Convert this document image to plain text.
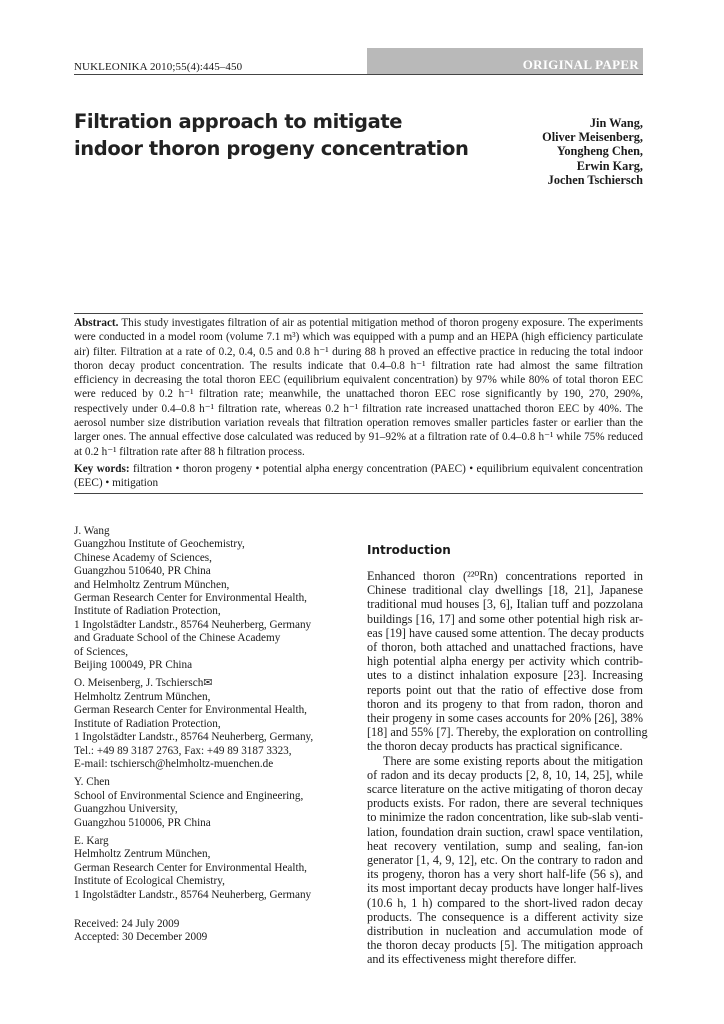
NUKLEONIKA 2010;55(4):445–450	ORIGINAL PAPER
Filtration approach to mitigate
indoor thoron progeny concentration
Jin Wang,
Oliver Meisenberg,
Yongheng Chen,
Erwin Karg,
Jochen Tschiersch
Abstract. This study investigates filtration of air as potential mitigation method of thoron progeny exposure. The experiments were conducted in a model room (volume 7.1 m³) which was equipped with a pump and an HEPA (high efficiency particulate air) filter. Filtration at a rate of 0.2, 0.4, 0.5 and 0.8 h⁻¹ during 88 h proved an effective practice in reducing the total indoor thoron decay product concentration. The results indicate that 0.4–0.8 h⁻¹ filtration rate had almost the same filtration efficiency in decreasing the total thoron EEC (equilibrium equivalent concentration) by 97% while 80% of total thoron EEC were reduced by 0.2 h⁻¹ filtration rate; meanwhile, the unattached thoron EEC rose significantly by 190, 270, 290%, respectively under 0.4–0.8 h⁻¹ filtration rate, whereas 0.2 h⁻¹ filtration rate increased unattached thoron EEC by 40%. The aerosol number size distribution variation reveals that filtration operation removes smaller particles faster or earlier than the larger ones. The annual effective dose calculated was reduced by 91–92% at a filtration rate of 0.4–0.8 h⁻¹ while 75% reduced at 0.2 h⁻¹ filtration rate after 88 h filtration process.
Key words: filtration • thoron progeny • potential alpha energy concentration (PAEC) • equilibrium equivalent concentration (EEC) • mitigation
J. Wang
Guangzhou Institute of Geochemistry,
Chinese Academy of Sciences,
Guangzhou 510640, PR China
and Helmholtz Zentrum München,
German Research Center for Environmental Health,
Institute of Radiation Protection,
1 Ingolstädter Landstr., 85764 Neuherberg, Germany
and Graduate School of the Chinese Academy
of Sciences,
Beijing 100049, PR China
O. Meisenberg, J. Tschiersch✉
Helmholtz Zentrum München,
German Research Center for Environmental Health,
Institute of Radiation Protection,
1 Ingolstädter Landstr., 85764 Neuherberg, Germany,
Tel.: +49 89 3187 2763, Fax: +49 89 3187 3323,
E-mail: tschiersch@helmholtz-muenchen.de
Y. Chen
School of Environmental Science and Engineering,
Guangzhou University,
Guangzhou 510006, PR China
E. Karg
Helmholtz Zentrum München,
German Research Center for Environmental Health,
Institute of Ecological Chemistry,
1 Ingolstädter Landstr., 85764 Neuherberg, Germany
Received: 24 July 2009
Accepted: 30 December 2009
Introduction
Enhanced thoron (²²⁰Rn) concentrations reported in
Chinese traditional clay dwellings [18, 21], Japanese
traditional mud houses [3, 6], Italian tuff and pozzolana
buildings [16, 17] and some other potential high risk ar-
eas [19] have caused some attention. The decay products
of thoron, both attached and unattached fractions, have
high potential alpha energy per activity which contrib-
utes to a distinct inhalation exposure [23]. Increasing
reports point out that the ratio of effective dose from
thoron and its progeny to that from radon, thoron and
their progeny in some cases accounts for 20% [26], 38%
[18] and 55% [7]. Thereby, the exploration on controlling
the thoron decay products has practical significance.
There are some existing reports about the mitigation
of radon and its decay products [2, 8, 10, 14, 25], while
scarce literature on the active mitigating of thoron decay
products exists. For radon, there are several techniques
to minimize the radon concentration, like sub-slab venti-
lation, foundation drain suction, crawl space ventilation,
heat recovery ventilation, sump and sealing, fan-ion
generator [1, 4, 9, 12], etc. On the contrary to radon and
its progeny, thoron has a very short half-life (56 s), and
its most important decay products have longer half-lives
(10.6 h, 1 h) compared to the short-lived radon decay
products. The consequence is a different activity size
distribution in nucleation and accumulation mode of
the thoron decay products [5]. The mitigation approach
and its effectiveness might therefore differ.
